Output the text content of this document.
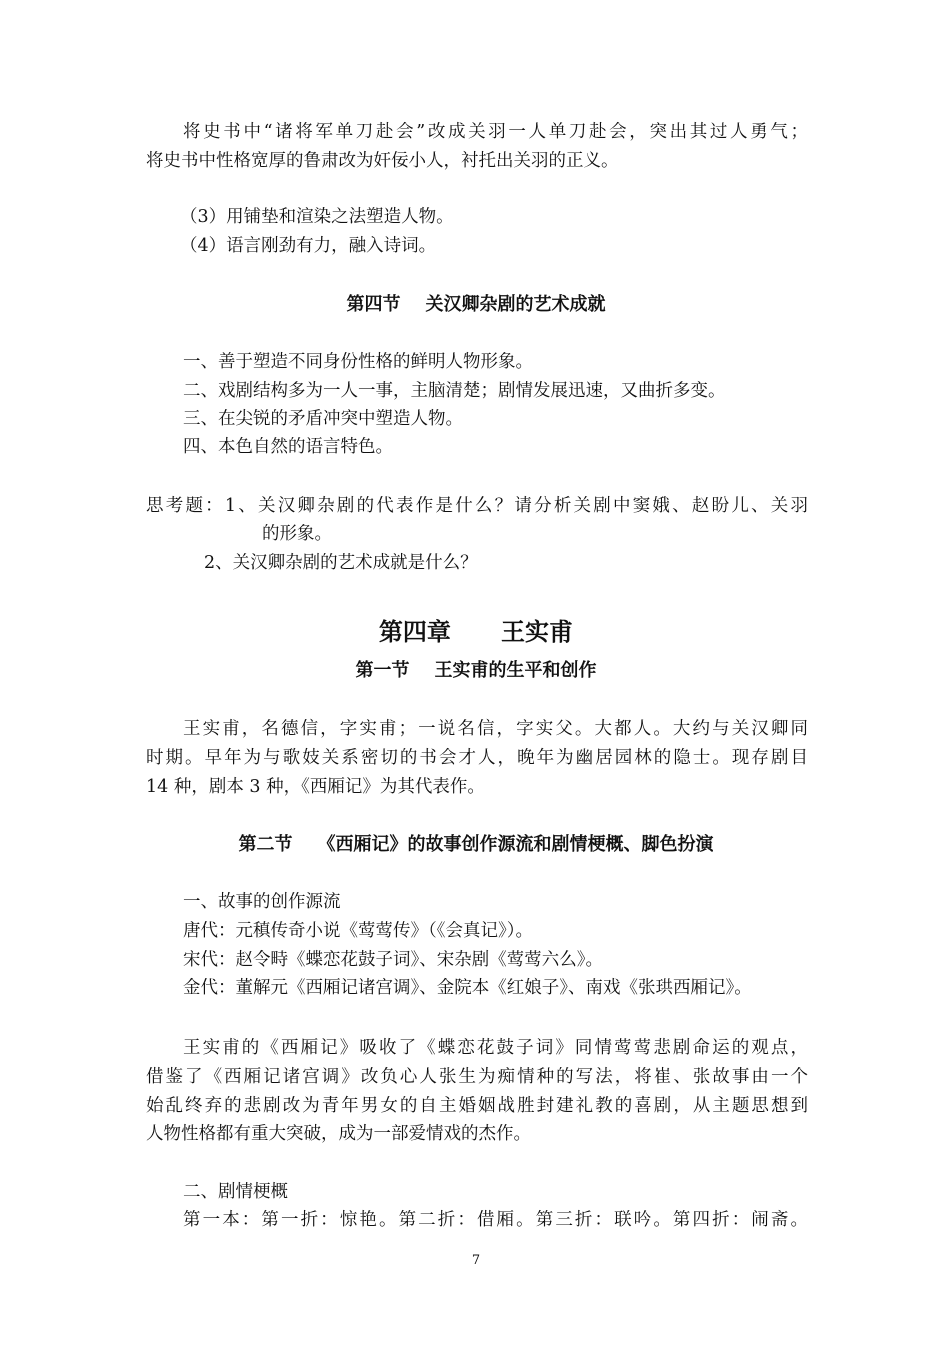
将史书中“诸将军单刀赴会”改成关羽一人单刀赴会，突出其过人勇气；
将史书中性格宽厚的鲁肃改为奸佞小人，衬托出关羽的正义。
（3）用铺垫和渲染之法塑造人物。
（4）语言刚劲有力，融入诗词。
第四节    关汉卿杂剧的艺术成就
一、善于塑造不同身份性格的鲜明人物形象。
二、戏剧结构多为一人一事，主脑清楚；剧情发展迅速，又曲折多变。
三、在尖锐的矛盾冲突中塑造人物。
四、本色自然的语言特色。
思考题：1、关汉卿杂剧的代表作是什么？请分析关剧中窦娥、赵盼儿、关羽
的形象。
2、关汉卿杂剧的艺术成就是什么？
第四章      王实甫
第一节    王实甫的生平和创作
王实甫，名德信，字实甫；一说名信，字实父。大都人。大约与关汉卿同
时期。早年为与歌妓关系密切的书会才人，晚年为幽居园林的隐士。现存剧目
14 种，剧本 3 种，《西厢记》为其代表作。
第二节    《西厢记》的故事创作源流和剧情梗概、脚色扮演
一、故事的创作源流
唐代：元稹传奇小说《莺莺传》（《会真记》）。
宋代：赵令畤《蝶恋花鼓子词》、宋杂剧《莺莺六么》。
金代：董解元《西厢记诸宫调》、金院本《红娘子》、南戏《张珙西厢记》。
王实甫的《西厢记》吸收了《蝶恋花鼓子词》同情莺莺悲剧命运的观点，
借鉴了《西厢记诸宫调》改负心人张生为痴情种的写法，将崔、张故事由一个
始乱终弃的悲剧改为青年男女的自主婚姻战胜封建礼教的喜剧，从主题思想到
人物性格都有重大突破，成为一部爱情戏的杰作。
二、剧情梗概
第一本：第一折：惊艳。第二折：借厢。第三折：联吟。第四折：闹斋。
7
